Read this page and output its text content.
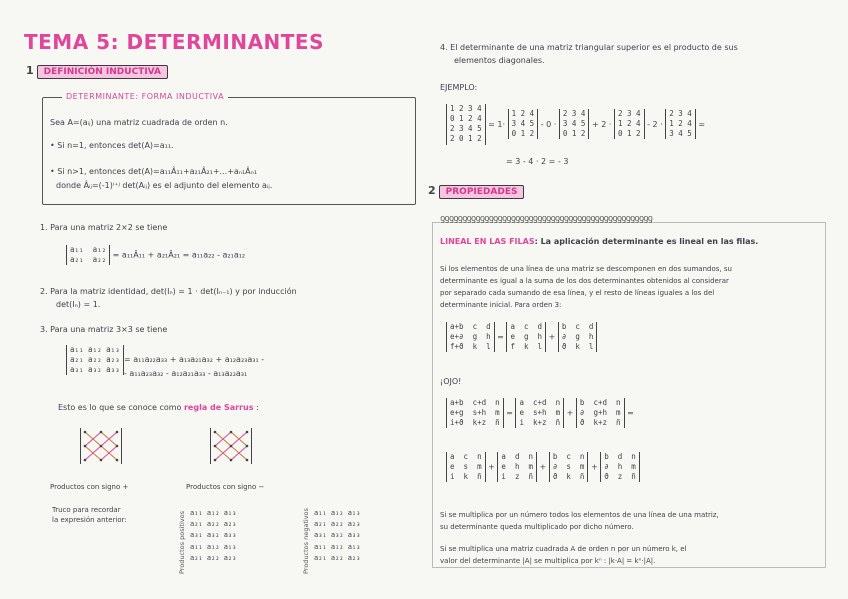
TEMA 5: DETERMINANTES
1 DEFINICIÓN INDUCTIVA
DETERMINANTE: FORMA INDUCTIVA
Sea A=(aᵢⱼ) una matriz cuadrada de orden n.
• Si n=1, entonces det(A)=a₁₁.
• Si n>1, entonces det(A)=a₁₁Â₁₁+a₂₁Â₂₁+...+aₙ₁Âₙ₁
donde Âᵢⱼ=(-1)ⁱ⁺ʲ det(Aᵢⱼ) es el adjunto del elemento aᵢⱼ.
1. Para una matriz 2×2 se tiene
a₁₁  a₁₂
a₂₁  a₂₂ = a₁₁Â₁₁ + a₂₁Â₂₁ = a₁₁a₂₂ - a₂₁a₁₂
2. Para la matriz identidad, det(Iₙ) = 1 · det(Iₙ₋₁) y por inducción
det(Iₙ) = 1.
3. Para una matriz 3×3 se tiene
a₁₁ a₁₂ a₁₃
a₂₁ a₂₂ a₂₃
a₃₁ a₃₂ a₃₃
= a₁₁a₂₂a₃₃ + a₁₃a₂₁a₃₂ + a₁₂a₂₃a₃₁ -
- a₁₁a₂₃a₃₂ - a₁₂a₂₁a₃₃ - a₁₃a₂₂a₃₁
Esto es lo que se conoce como regla de Sarrus :
Productos con signo +	Productos con signo −
Truco para recordar
la expresión anterior:	Productos positivos a₁₁ a₁₂ a₁₃
a₂₁ a₂₂ a₂₃
a₃₁ a₃₂ a₃₃
a₁₁ a₁₂ a₁₃
a₂₁ a₂₂ a₂₃	Productos negativos a₁₁ a₁₂ a₁₃
a₂₁ a₂₂ a₂₃
a₃₁ a₃₂ a₃₃
a₁₁ a₁₂ a₁₃
a₂₁ a₂₂ a₂₃
4. El determinante de una matriz triangular superior es el producto de sus
elementos diagonales.
EJEMPLO:
1 2 3 4
0 1 2 4
2 3 4 5
2 0 1 2 = 1· 1 2 4
3 4 5
0 1 2 - 0 · 2 3 4
3 4 5
0 1 2 + 2 · 2 3 4
1 2 4
0 1 2 - 2 · 2 3 4
1 2 4
3 4 5 =
= 3 - 4 · 2 = - 3
2 PROPIEDADES
ƍƍƍƍƍƍƍƍƍƍƍƍƍƍƍƍƍƍƍƍƍƍƍƍƍƍƍƍƍƍƍƍƍƍƍƍƍƍƍƍƍƍƍƍƍƍƍƍ
LINEAL EN LAS FILAS: La aplicación determinante es lineal en las filas.
Si los elementos de una línea de una matriz se descomponen en dos sumandos, su
determinante es igual a la suma de los dos determinantes obtenidos al considerar
por separado cada sumando de esa línea, y el resto de líneas iguales a los del
determinante inicial. Para orden 3:
a+b  c  d
e+∂  g  h
f+ϑ  k  l = a  c  d
e  g  h
f  k  l + b  c  d
∂  g  h
ϑ  k  l
¡OJO!
a+b  c+d  n
e+g  s+h  m
i+ϑ  k+z  ñ = a  c+d  n
e  s+h  m
i  k+z  ñ + b  c+d  n
∂  g+h  m
ϑ  k+z  ñ =
a  c  n
e  s  m
i  k  ñ + a  d  n
e  h  m
i  z  ñ + b  c  n
∂  s  m
ϑ  k  ñ + b  d  n
∂  h  m
ϑ  z  ñ
Si se multiplica por un número todos los elementos de una línea de una matriz,
su determinante queda multiplicado por dicho número.
Si se multiplica una matriz cuadrada A de orden n por un número k, el
valor del determinante |A| se multiplica por kⁿ : |k·A| = kⁿ·|A|.
